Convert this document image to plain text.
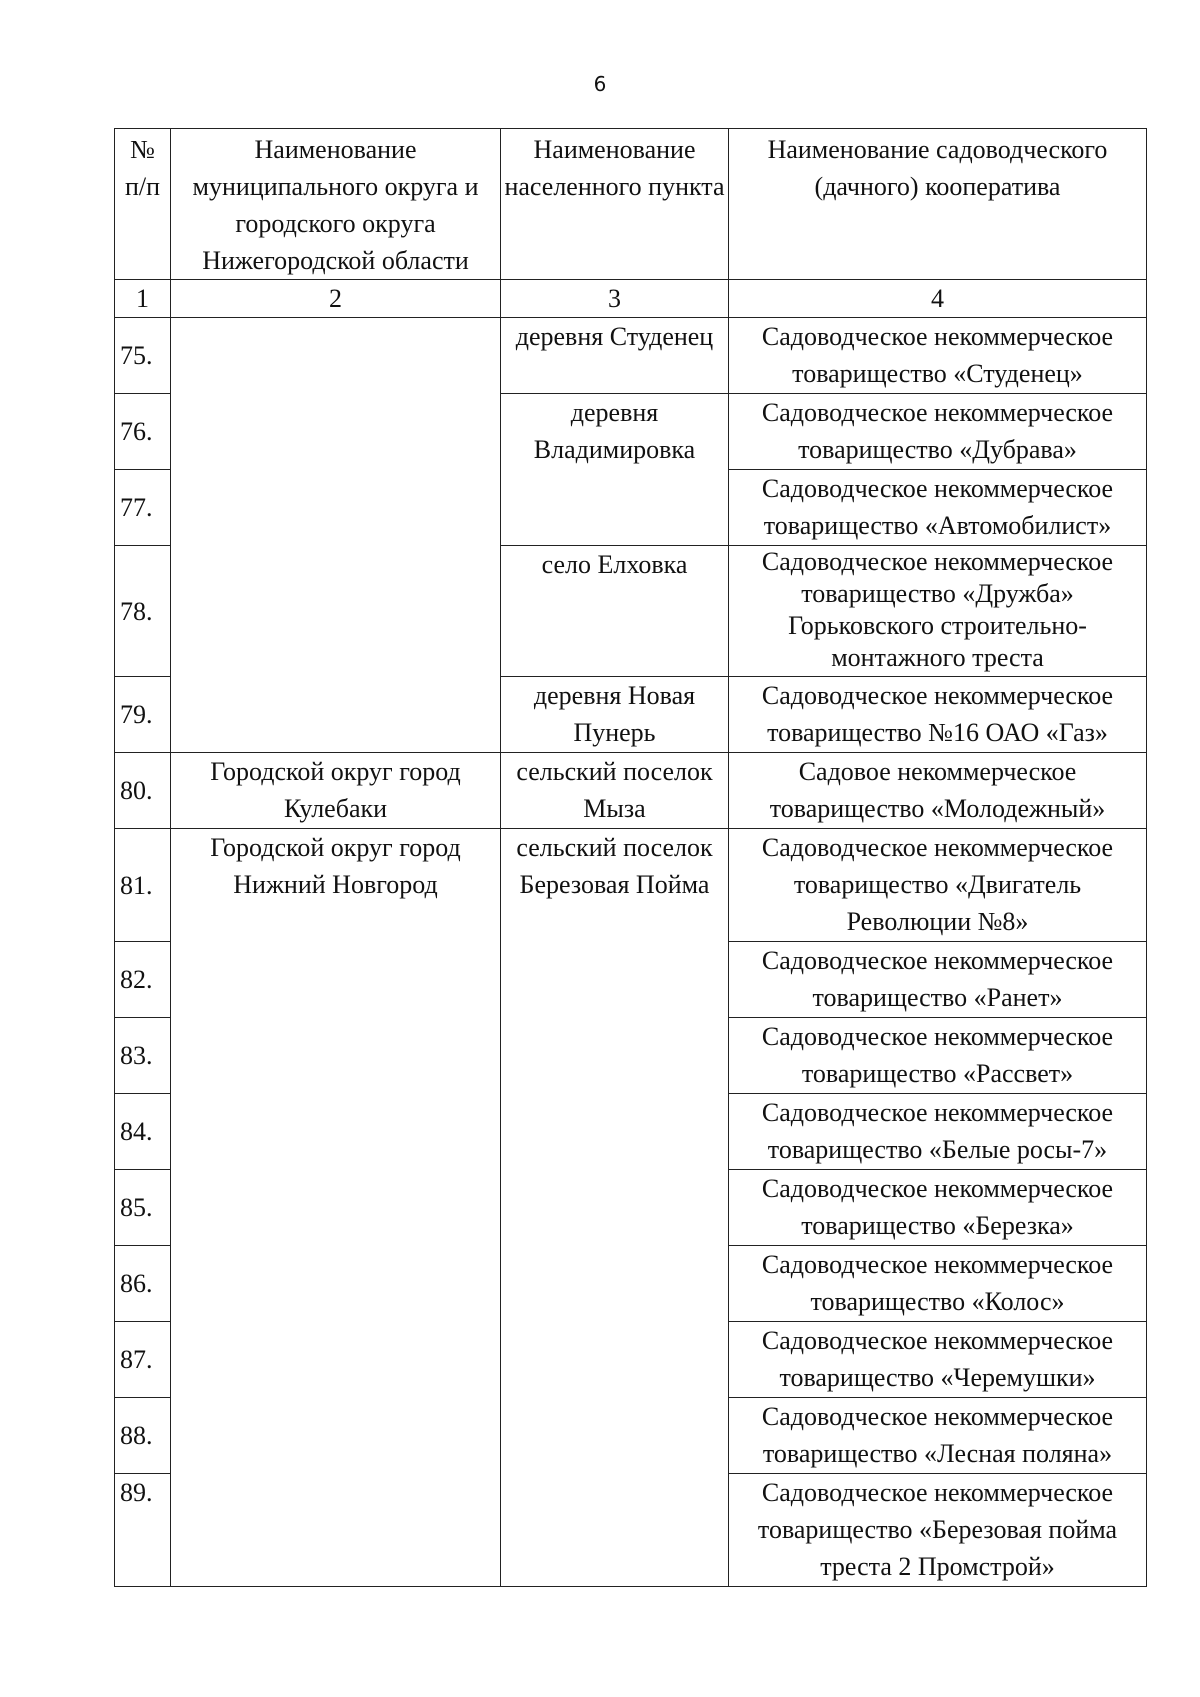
6
№ п/п	Наименование муниципального округа и городского округа Нижегородской области	Наименование населенного пункта	Наименование садоводческого (дачного) кооператива
1	2	3	4
75.		деревня Студенец	Садоводческое некоммерческое товарищество «Студенец»
76.		деревня Владимировка	Садоводческое некоммерческое товарищество «Дубрава»
77.			Садоводческое некоммерческое товарищество «Автомобилист»
78.		село Елховка	Садоводческое некоммерческое товарищество «Дружба» Горьковского строительно-монтажного треста
79.		деревня Новая Пунерь	Садоводческое некоммерческое товарищество №16 ОАО «Газ»
80.	Городской округ город Кулебаки	сельский поселок Мыза	Садовое некоммерческое товарищество «Молодежный»
81.	Городской округ город Нижний Новгород	сельский поселок Березовая Пойма	Садоводческое некоммерческое товарищество «Двигатель Революции №8»
82.			Садоводческое некоммерческое товарищество «Ранет»
83.			Садоводческое некоммерческое товарищество «Рассвет»
84.			Садоводческое некоммерческое товарищество «Белые росы-7»
85.			Садоводческое некоммерческое товарищество «Березка»
86.			Садоводческое некоммерческое товарищество «Колос»
87.			Садоводческое некоммерческое товарищество «Черемушки»
88.			Садоводческое некоммерческое товарищество «Лесная поляна»
89.			Садоводческое некоммерческое товарищество «Березовая пойма треста 2 Промстрой»
